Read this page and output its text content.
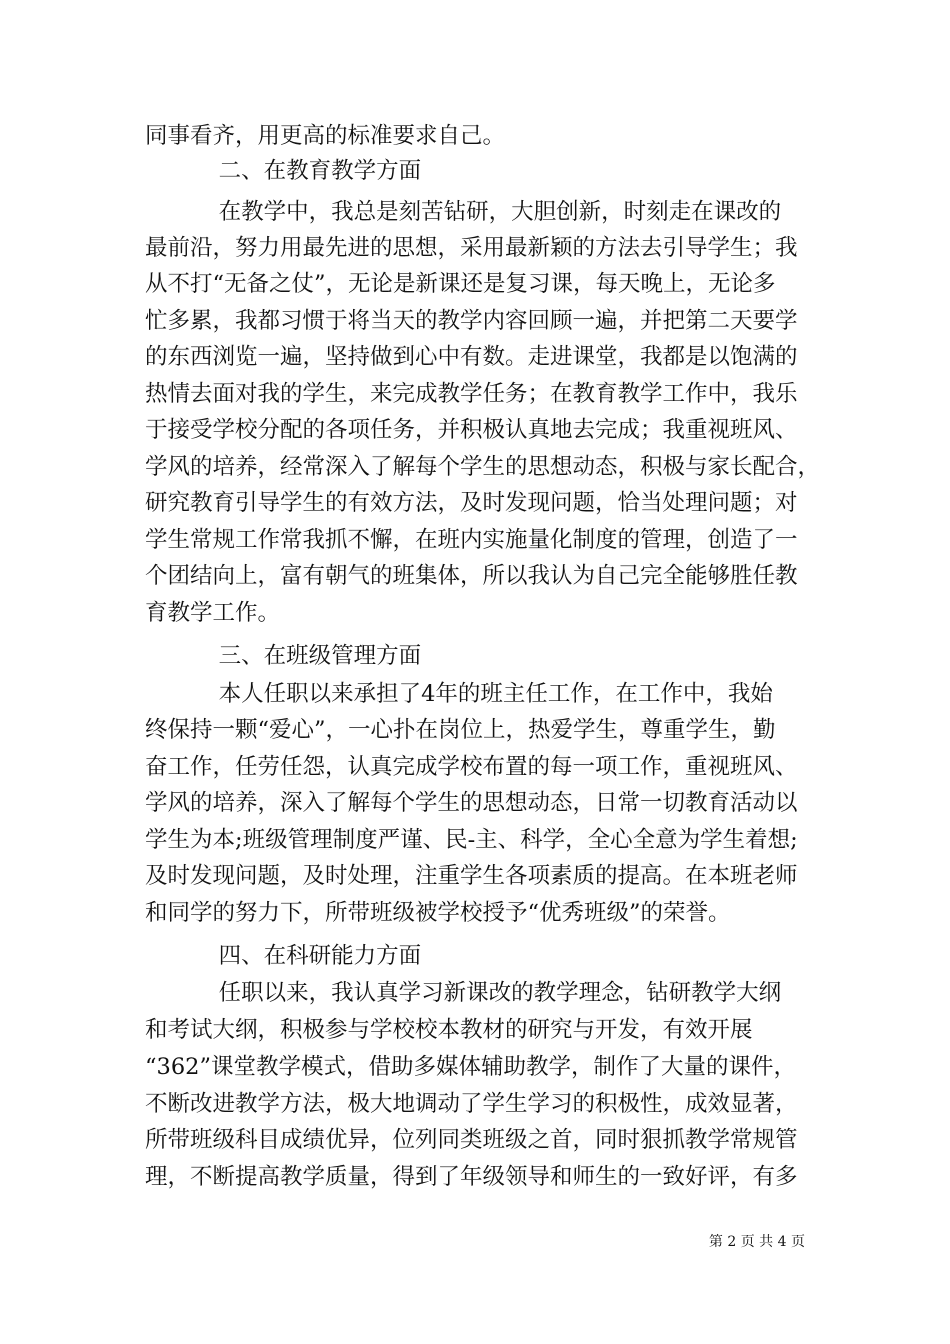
同事看齐，用更高的标准要求自己。
二、在教育教学方面
在教学中，我总是刻苦钻研，大胆创新，时刻走在课改的
最前沿，努力用最先进的思想，采用最新颖的方法去引导学生；我
从不打“无备之仗”，无论是新课还是复习课，每天晚上，无论多
忙多累，我都习惯于将当天的教学内容回顾一遍，并把第二天要学
的东西浏览一遍，坚持做到心中有数。走进课堂，我都是以饱满的
热情去面对我的学生，来完成教学任务；在教育教学工作中，我乐
于接受学校分配的各项任务，并积极认真地去完成；我重视班风、
学风的培养，经常深入了解每个学生的思想动态，积极与家长配合，
研究教育引导学生的有效方法，及时发现问题，恰当处理问题；对
学生常规工作常我抓不懈，在班内实施量化制度的管理，创造了一
个团结向上，富有朝气的班集体，所以我认为自己完全能够胜任教
育教学工作。
三、在班级管理方面
本人任职以来承担了4年的班主任工作，在工作中，我始
终保持一颗“爱心”，一心扑在岗位上，热爱学生，尊重学生，勤
奋工作，任劳任怨，认真完成学校布置的每一项工作，重视班风、
学风的培养，深入了解每个学生的思想动态，日常一切教育活动以
学生为本;班级管理制度严谨、民-主、科学，全心全意为学生着想;
及时发现问题，及时处理，注重学生各项素质的提高。在本班老师
和同学的努力下，所带班级被学校授予“优秀班级”的荣誉。
四、在科研能力方面
任职以来，我认真学习新课改的教学理念，钻研教学大纲
和考试大纲，积极参与学校校本教材的研究与开发，有效开展
“362”课堂教学模式，借助多媒体辅助教学，制作了大量的课件，
不断改进教学方法，极大地调动了学生学习的积极性，成效显著，
所带班级科目成绩优异，位列同类班级之首，同时狠抓教学常规管
理，不断提高教学质量，得到了年级领导和师生的一致好评，有多
第 2 页 共 4 页
